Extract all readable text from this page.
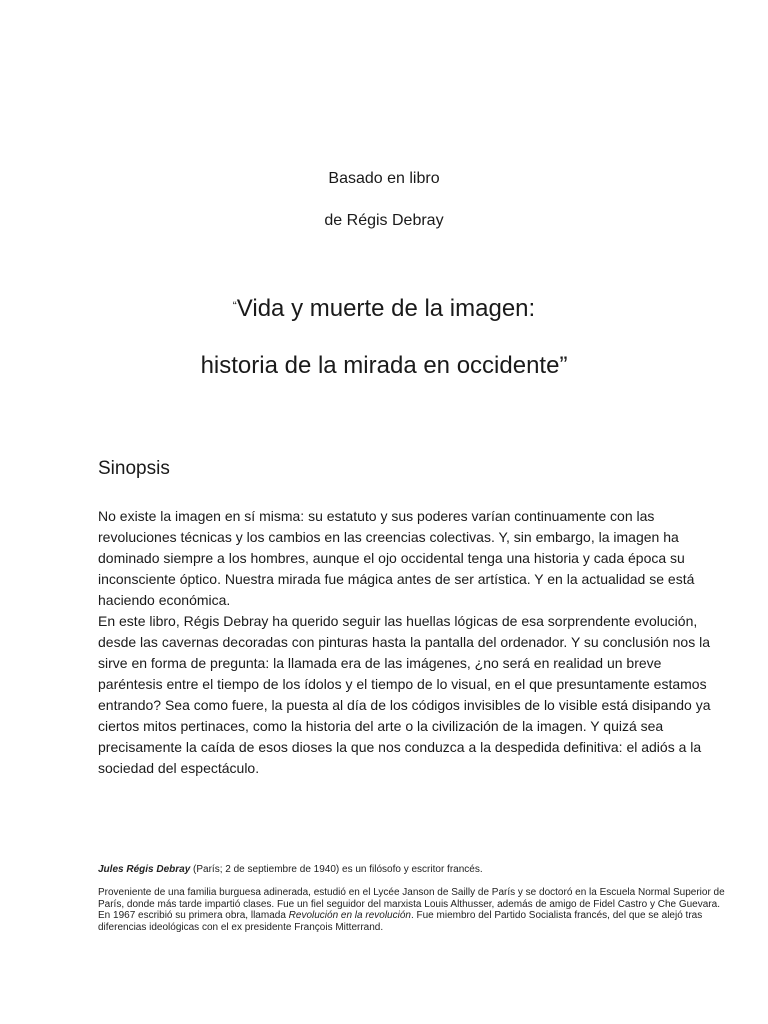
Basado en libro
de Régis Debray
“Vida y muerte de la imagen:
historia de la mirada en occidente”
Sinopsis

No existe la imagen en sí misma: su estatuto y sus poderes varían continuamente con las revoluciones técnicas y los cambios en las creencias colectivas. Y, sin embargo, la imagen ha dominado siempre a los hombres, aunque el ojo occidental tenga una historia y cada época su inconsciente óptico. Nuestra mirada fue mágica antes de ser artística. Y en la actualidad se está haciendo económica.

En este libro, Régis Debray ha querido seguir las huellas lógicas de esa sorprendente evolución, desde las cavernas decoradas con pinturas hasta la pantalla del ordenador. Y su conclusión nos la sirve en forma de pregunta: la llamada era de las imágenes, ¿no será en realidad un breve paréntesis entre el tiempo de los ídolos y el tiempo de lo visual, en el que presuntamente estamos entrando? Sea como fuere, la puesta al día de los códigos invisibles de lo visible está disipando ya ciertos mitos pertinaces, como la historia del arte o la civilización de la imagen. Y quizá sea precisamente la caída de esos dioses la que nos conduzca a la despedida definitiva: el adiós a la sociedad del espectáculo.

Jules Régis Debray (París; 2 de septiembre de 1940) es un filósofo y escritor francés.

Proveniente de una familia burguesa adinerada, estudió en el Lycée Janson de Sailly de París y se doctoró en la Escuela Normal Superior de París, donde más tarde impartió clases. Fue un fiel seguidor del marxista Louis Althusser, además de amigo de Fidel Castro y Che Guevara. En 1967 escribió su primera obra, llamada Revolución en la revolución. Fue miembro del Partido Socialista francés, del que se alejó tras diferencias ideológicas con el ex presidente François Mitterrand.
